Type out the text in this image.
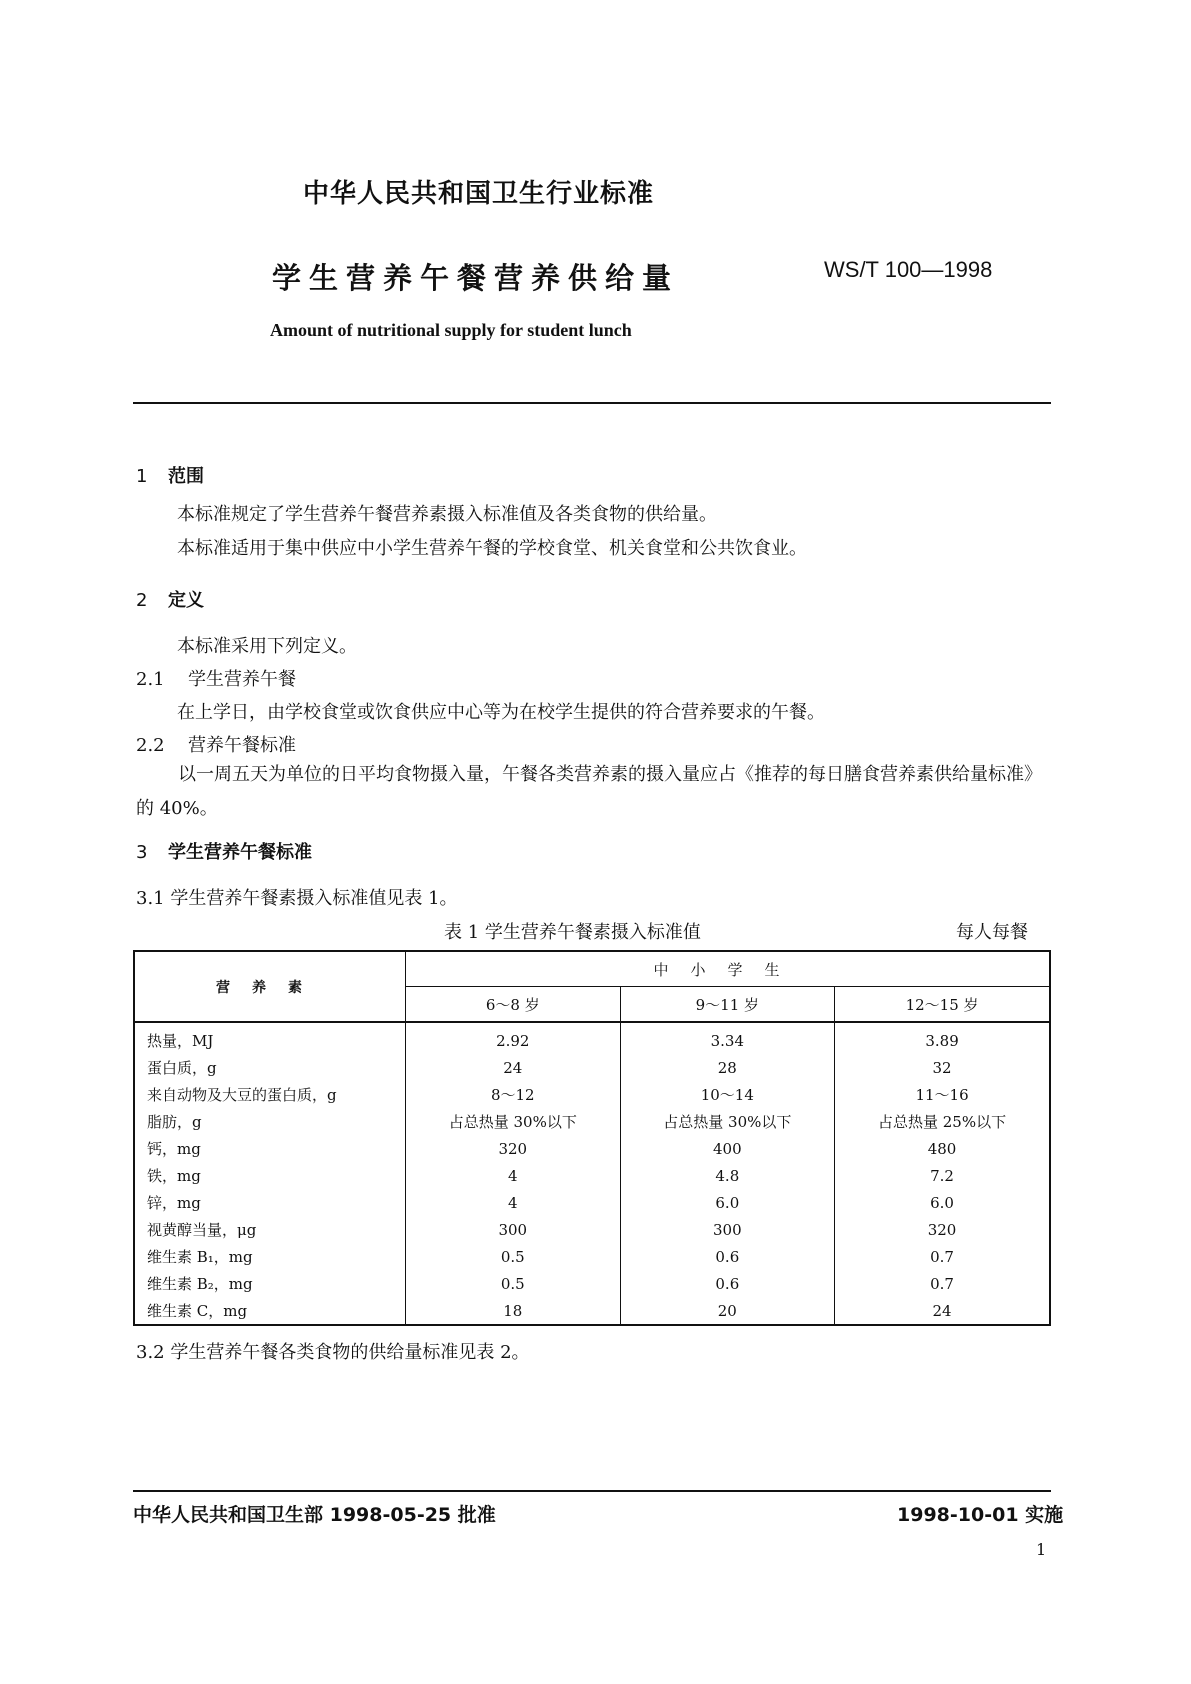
中华人民共和国卫生行业标准
学生营养午餐营养供给量	WS/T 100—1998
Amount of nutritional supply for student lunch
1 范围
本标准规定了学生营养午餐营养素摄入标准值及各类食物的供给量。
本标准适用于集中供应中小学生营养午餐的学校食堂、机关食堂和公共饮食业。
2 定义
本标准采用下列定义。
2.1 学生营养午餐
在上学日，由学校食堂或饮食供应中心等为在校学生提供的符合营养要求的午餐。
2.2 营养午餐标准
以一周五天为单位的日平均食物摄入量，午餐各类营养素的摄入量应占《推荐的每日膳食营养素供给量标准》的 40%。
3 学生营养午餐标准
3.1 学生营养午餐素摄入标准值见表 1。
表 1 学生营养午餐素摄入标准值	每人每餐
营养素	中小学生		
	6～8 岁	9～11 岁	12～15 岁
热量，MJ	2.92	3.34	3.89
蛋白质，g	24	28	32
来自动物及大豆的蛋白质，g	8～12	10～14	11～16
脂肪，g	占总热量 30%以下	占总热量 30%以下	占总热量 25%以下
钙，mg	320	400	480
铁，mg	4	4.8	7.2
锌，mg	4	6.0	6.0
视黄醇当量，μg	300	300	320
维生素 B₁，mg	0.5	0.6	0.7
维生素 B₂，mg	0.5	0.6	0.7
维生素 C，mg	18	20	24
3.2 学生营养午餐各类食物的供给量标准见表 2。
中华人民共和国卫生部 1998-05-25 批准	1998-10-01 实施
1
